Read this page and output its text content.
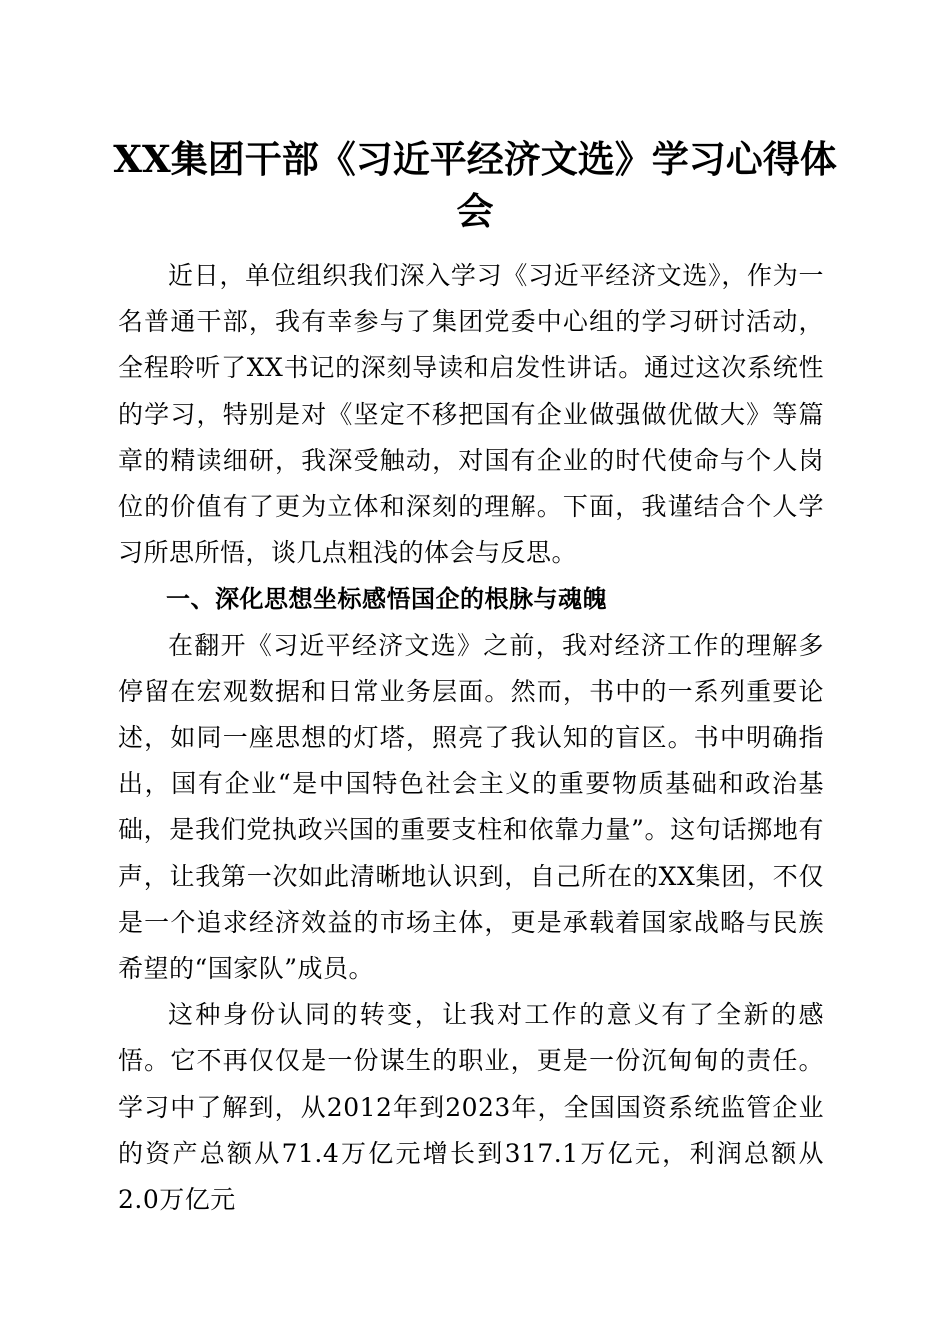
XX集团干部《习近平经济文选》学习心得体会

近日，单位组织我们深入学习《习近平经济文选》，作为一名普通干部，我有幸参与了集团党委中心组的学习研讨活动，全程聆听了XX书记的深刻导读和启发性讲话。通过这次系统性的学习，特别是对《坚定不移把国有企业做强做优做大》等篇章的精读细研，我深受触动，对国有企业的时代使命与个人岗位的价值有了更为立体和深刻的理解。下面，我谨结合个人学习所思所悟，谈几点粗浅的体会与反思。

一、深化思想坐标感悟国企的根脉与魂魄

在翻开《习近平经济文选》之前，我对经济工作的理解多停留在宏观数据和日常业务层面。然而，书中的一系列重要论述，如同一座思想的灯塔，照亮了我认知的盲区。书中明确指出，国有企业“是中国特色社会主义的重要物质基础和政治基础，是我们党执政兴国的重要支柱和依靠力量”。这句话掷地有声，让我第一次如此清晰地认识到，自己所在的XX集团，不仅是一个追求经济效益的市场主体，更是承载着国家战略与民族希望的“国家队”成员。

这种身份认同的转变，让我对工作的意义有了全新的感悟。它不再仅仅是一份谋生的职业，更是一份沉甸甸的责任。学习中了解到，从2012年到2023年，全国国资系统监管企业的资产总额从71.4万亿元增长到317.1万亿元，利润总额从2.0万亿元
